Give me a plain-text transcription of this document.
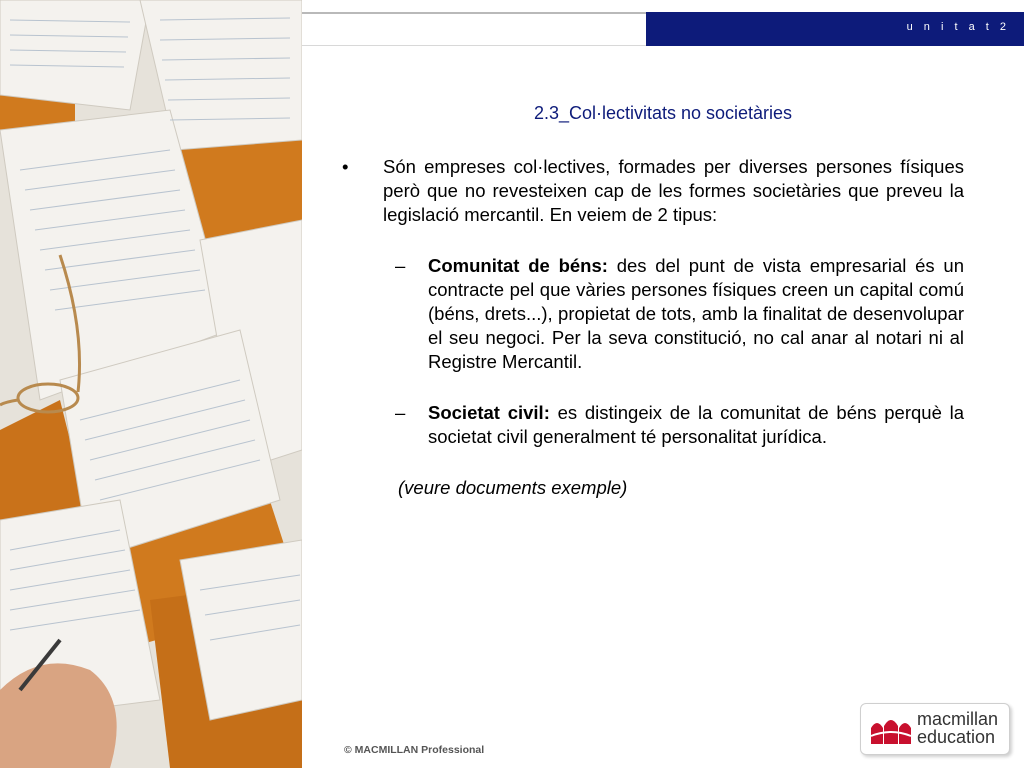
u n i t a t 2
2.3_Col·lectivitats no societàries
• Són empreses col·lectives, formades per diverses persones físiques però que no revesteixen cap de les formes societàries que preveu la legislació mercantil. En veiem de 2 tipus:
– Comunitat de béns: des del punt de vista empresarial és un contracte pel que vàries persones físiques creen un capital comú (béns, drets...), propietat de tots, amb la finalitat de desenvolupar el seu negoci. Per la seva constitució, no cal anar al notari ni al Registre Mercantil.
– Societat civil: es distingeix de la comunitat de béns perquè la societat civil generalment té personalitat jurídica.
(veure documents exemple)
© MACMILLAN Professional
macmillan
education
